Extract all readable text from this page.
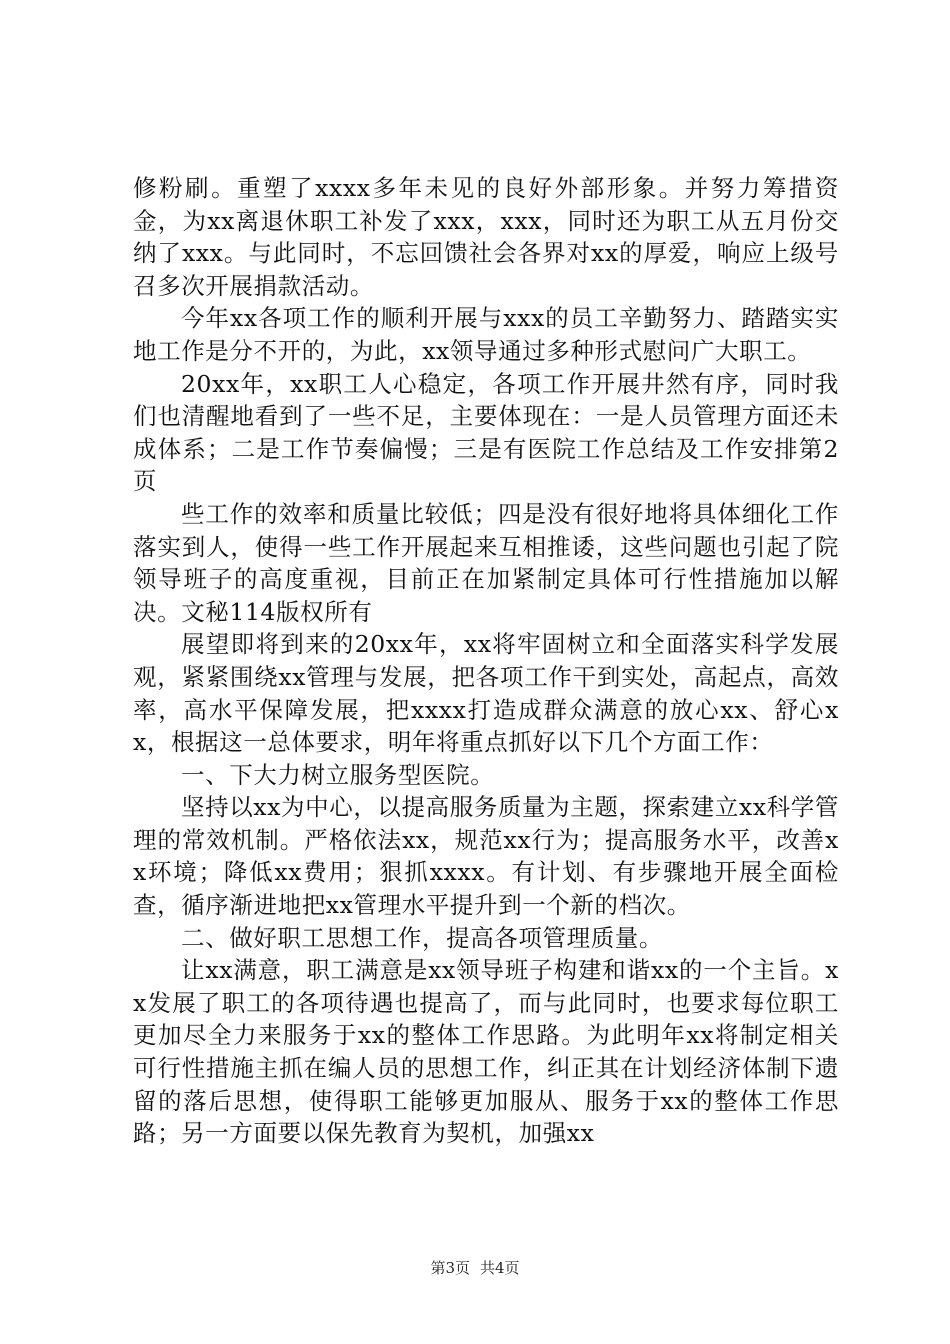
修粉刷。重塑了xxxx多年未见的良好外部形象。并努力筹措资金，为xx离退休职工补发了xxx，xxx，同时还为职工从五月份交纳了xxx。与此同时，不忘回馈社会各界对xx的厚爱，响应上级号召多次开展捐款活动。

今年xx各项工作的顺利开展与xxx的员工辛勤努力、踏踏实实地工作是分不开的，为此，xx领导通过多种形式慰问广大职工。

20xx年，xx职工人心稳定，各项工作开展井然有序，同时我们也清醒地看到了一些不足，主要体现在：一是人员管理方面还未成体系；二是工作节奏偏慢；三是有医院工作总结及工作安排第2页

些工作的效率和质量比较低；四是没有很好地将具体细化工作落实到人，使得一些工作开展起来互相推诿，这些问题也引起了院领导班子的高度重视，目前正在加紧制定具体可行性措施加以解决。文秘114版权所有

展望即将到来的20xx年，xx将牢固树立和全面落实科学发展观，紧紧围绕xx管理与发展，把各项工作干到实处，高起点，高效率，高水平保障发展，把xxxx打造成群众满意的放心xx、舒心xx，根据这一总体要求，明年将重点抓好以下几个方面工作：

一、下大力树立服务型医院。

坚持以xx为中心，以提高服务质量为主题，探索建立xx科学管理的常效机制。严格依法xx，规范xx行为；提高服务水平，改善xx环境；降低xx费用；狠抓xxxx。有计划、有步骤地开展全面检查，循序渐进地把xx管理水平提升到一个新的档次。

二、做好职工思想工作，提高各项管理质量。

让xx满意，职工满意是xx领导班子构建和谐xx的一个主旨。xx发展了职工的各项待遇也提高了，而与此同时，也要求每位职工更加尽全力来服务于xx的整体工作思路。为此明年xx将制定相关可行性措施主抓在编人员的思想工作，纠正其在计划经济体制下遗留的落后思想，使得职工能够更加服从、服务于xx的整体工作思路；另一方面要以保先教育为契机，加强xx

第3页 共4页
